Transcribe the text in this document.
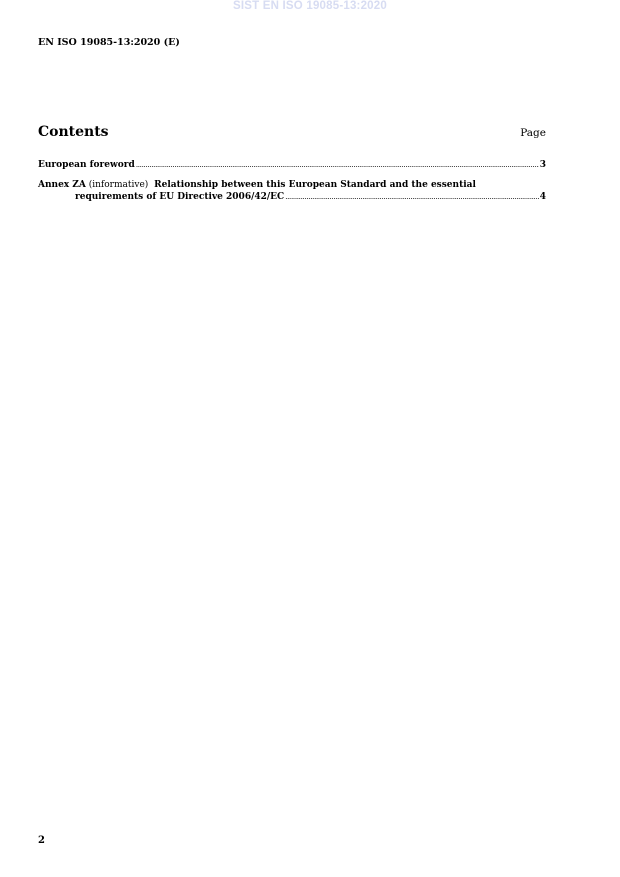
SIST EN ISO 19085-13:2020
EN ISO 19085-13:2020 (E)
Contents	Page
European foreword .....	3
Annex ZA (informative) Relationship between this European Standard and the essential
requirements of EU Directive 2006/42/EC .....	4
2
